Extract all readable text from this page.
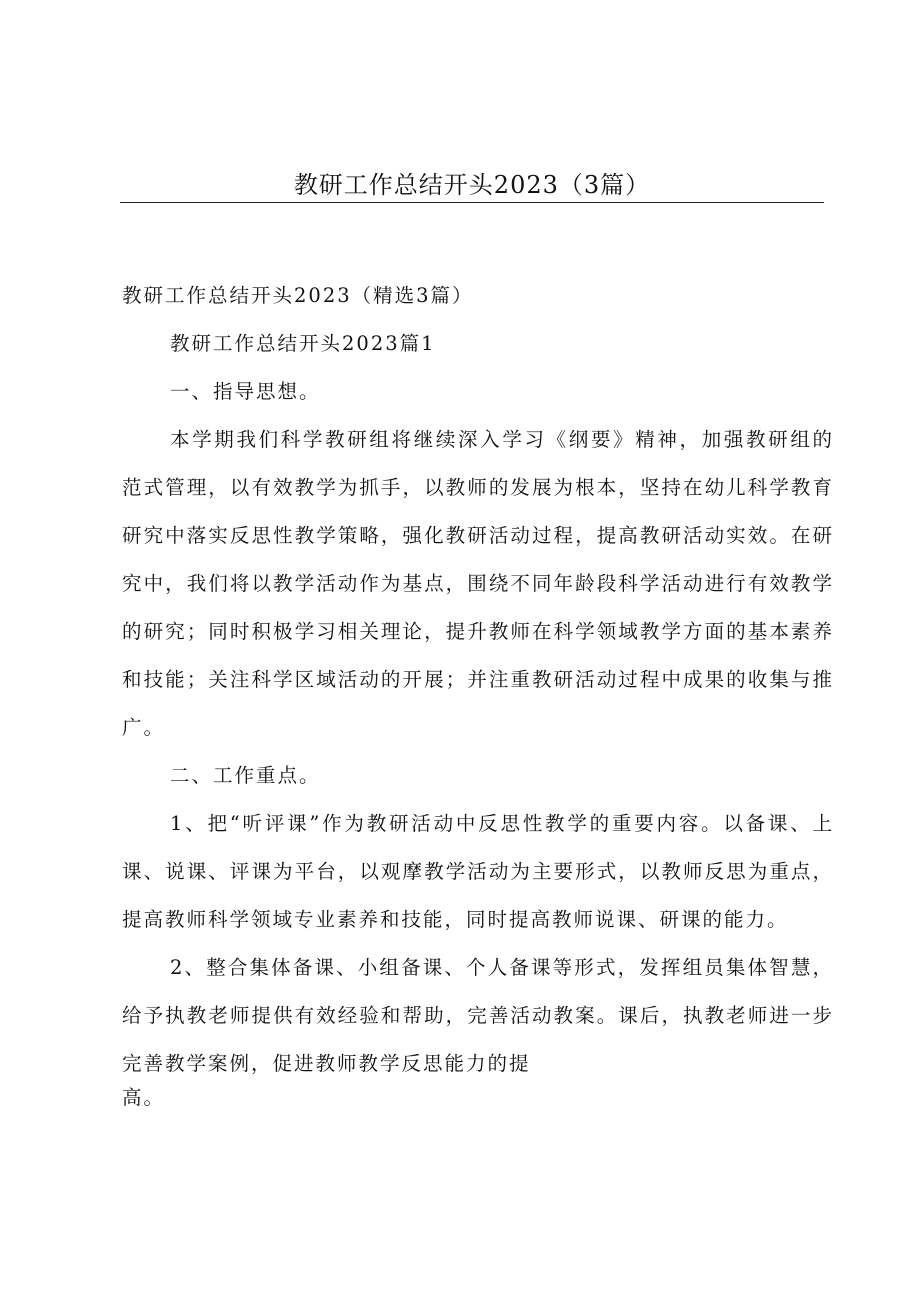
教研工作总结开头2023（3篇）

教研工作总结开头2023（精选3篇）

教研工作总结开头2023篇1

一、指导思想。

本学期我们科学教研组将继续深入学习《纲要》精神，加强教研组的范式管理，以有效教学为抓手，以教师的发展为根本，坚持在幼儿科学教育研究中落实反思性教学策略，强化教研活动过程，提高教研活动实效。在研究中，我们将以教学活动作为基点，围绕不同年龄段科学活动进行有效教学的研究；同时积极学习相关理论，提升教师在科学领域教学方面的基本素养和技能；关注科学区域活动的开展；并注重教研活动过程中成果的收集与推广。

二、工作重点。

1、把“听评课”作为教研活动中反思性教学的重要内容。以备课、上课、说课、评课为平台，以观摩教学活动为主要形式，以教师反思为重点，提高教师科学领域专业素养和技能，同时提高教师说课、研课的能力。

2、整合集体备课、小组备课、个人备课等形式，发挥组员集体智慧，给予执教老师提供有效经验和帮助，完善活动教案。课后，执教老师进一步完善教学案例，促进教师教学反思能力的提

高。
